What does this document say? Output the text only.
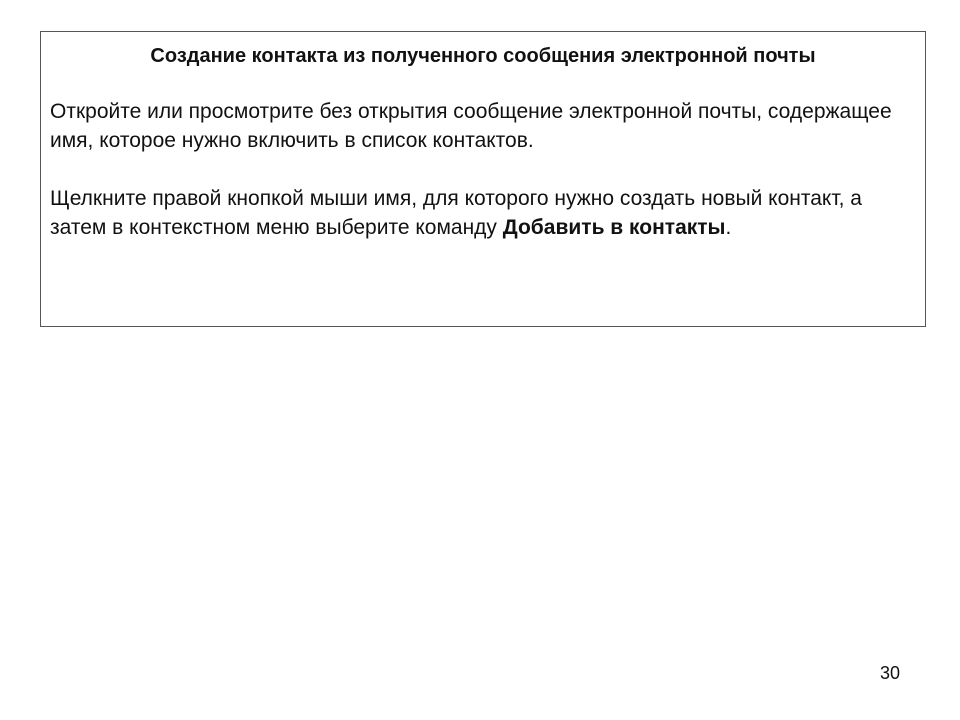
Создание контакта из полученного сообщения электронной почты

Откройте или просмотрите без открытия сообщение электронной почты, содержащее имя, которое нужно включить в список контактов.

Щелкните правой кнопкой мыши имя, для которого нужно создать новый контакт, а затем в контекстном меню выберите команду Добавить в контакты.

30
